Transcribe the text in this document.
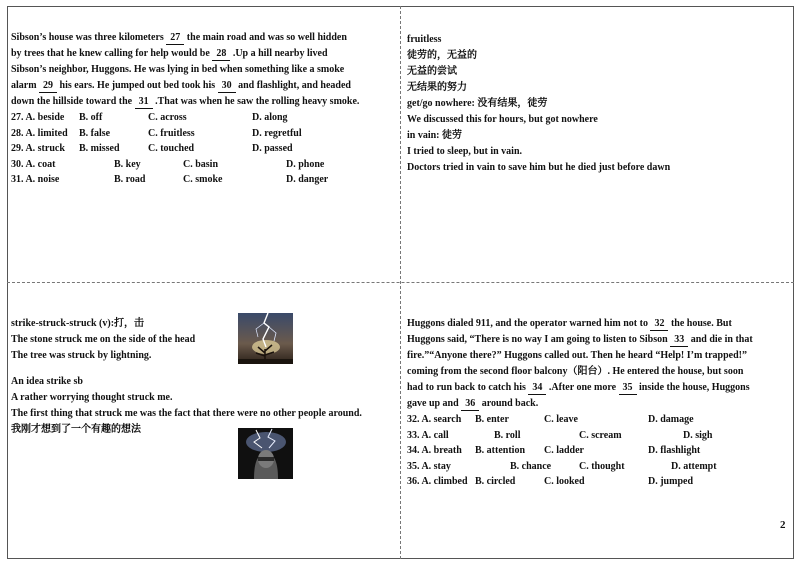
Sibson’s house was three kilometers 27 the main road and was so well hidden
by trees that he knew calling for help would be 28 .Up a hill nearby lived
Sibson’s neighbor, Huggons. He was lying in bed when something like a smoke
alarm 29 his ears. He jumped out bed took his 30 and flashlight, and headed
down the hillside toward the 31 .That was when he saw the rolling heavy smoke.
27. A. beside B. off	C. across	D. along
28. A. limited B. false	C. fruitless	D. regretful
29. A. struck B. missed	C. touched	D. passed
30. A. coat	B. key	C. basin	D. phone
31. A. noise	B. road	C. smoke	D. danger
fruitless
徒劳的，无益的
无益的尝试
无结果的努力
get/go nowhere: 没有结果，徒劳
We discussed this for hours, but got nowhere
in vain: 徒劳
I tried to sleep, but in vain.
Doctors tried in vain to save him but he died just before dawn
strike-struck-struck (v):打，击
The stone struck me on the side of the head
The tree was struck by lightning.
An idea strike sb
A rather worrying thought struck me.
The first thing that struck me was the fact that there were no other people around.
我刚才想到了一个有趣的想法
Huggons dialed 911, and the operator warned him not to 32 the house. But
Huggons said, “There is no way I am going to listen to Sibson 33 and die in that
fire.”“Anyone there?” Huggons called out. Then he heard “Help! I’m trapped!”
coming from the second floor balcony（阳台）. He entered the house, but soon
had to run back to catch his 34 .After one more 35 inside the house, Huggons
gave up and 36 around back.
32. A. search B. enter	C. leave	D. damage
33. A. call	B. roll	C. scream	D. sigh
34. A. breath B. attention C. ladder	D. flashlight
35. A. stay	B. chance	C. thought	D. attempt
36. A. climbed B. circled	C. looked	D. jumped
2
